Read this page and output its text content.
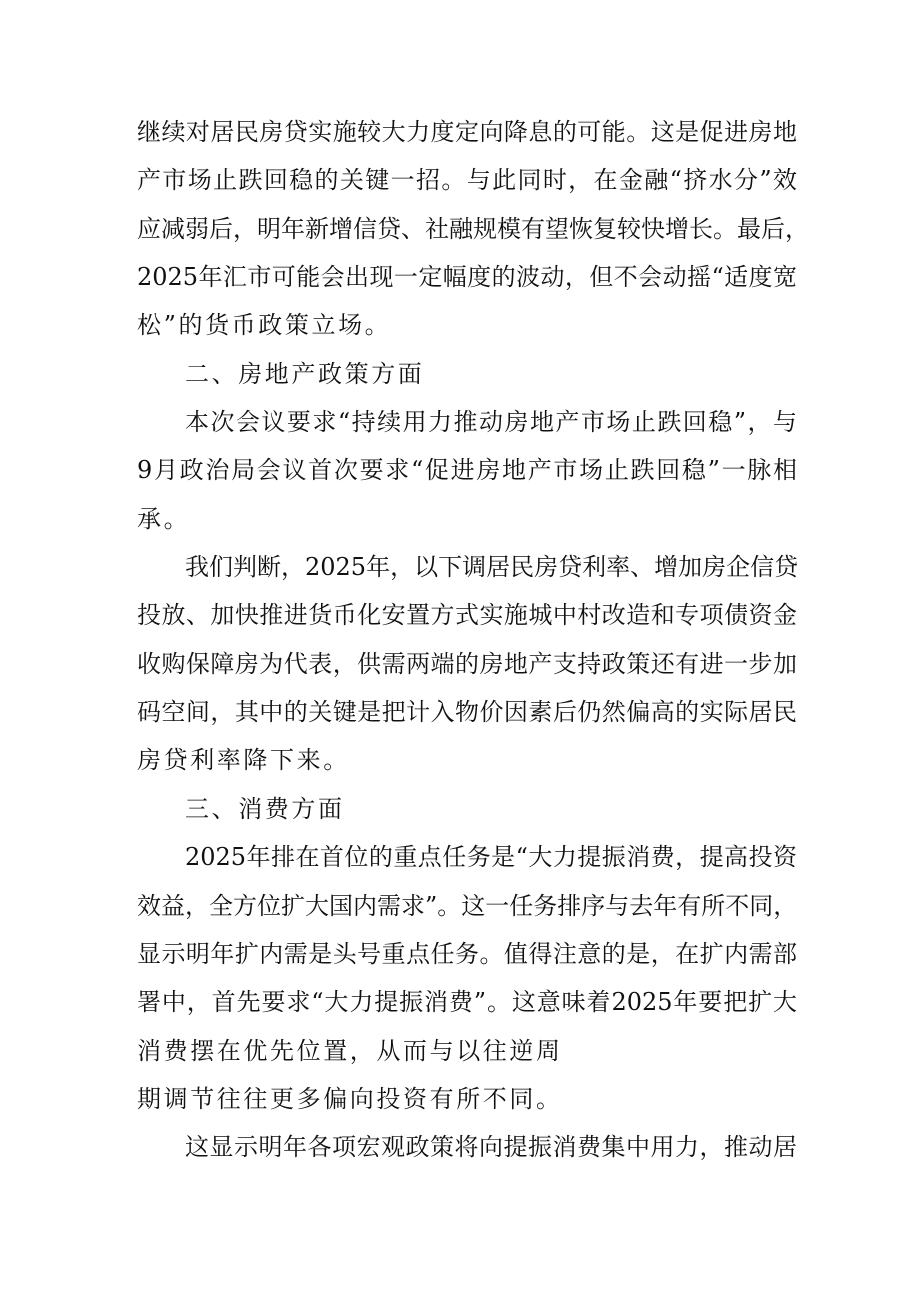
继续对居民房贷实施较大力度定向降息的可能。这是促进房地
产市场止跌回稳的关键一招。与此同时，在金融“挤水分”效
应减弱后，明年新增信贷、社融规模有望恢复较快增长。最后，
2025年汇市可能会出现一定幅度的波动，但不会动摇“适度宽
松”的货币政策立场。
二、房地产政策方面
本次会议要求“持续用力推动房地产市场止跌回稳”，与
9月政治局会议首次要求“促进房地产市场止跌回稳”一脉相
承。
我们判断，2025年，以下调居民房贷利率、增加房企信贷
投放、加快推进货币化安置方式实施城中村改造和专项债资金
收购保障房为代表，供需两端的房地产支持政策还有进一步加
码空间，其中的关键是把计入物价因素后仍然偏高的实际居民
房贷利率降下来。
三、消费方面
2025年排在首位的重点任务是“大力提振消费，提高投资
效益，全方位扩大国内需求”。这一任务排序与去年有所不同，
显示明年扩内需是头号重点任务。值得注意的是，在扩内需部
署中，首先要求“大力提振消费”。这意味着2025年要把扩大
消费摆在优先位置，从而与以往逆周
期调节往往更多偏向投资有所不同。
这显示明年各项宏观政策将向提振消费集中用力，推动居
